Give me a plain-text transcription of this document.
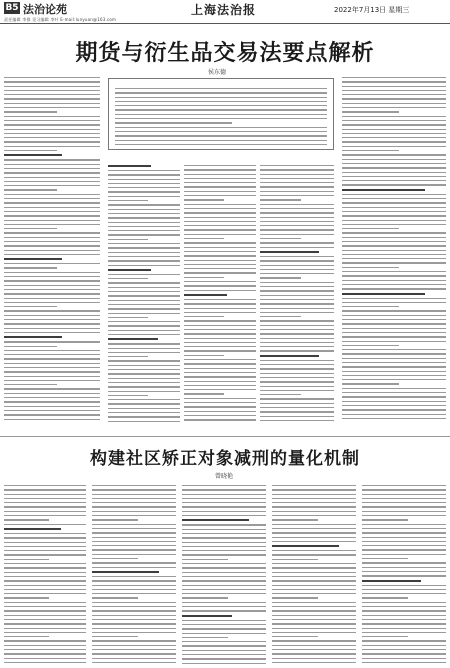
B5 法治论苑	上海法治报	2022年7月13日 星期三
责任编辑 李群 见习编辑 李叶 E-mail:lunyuan@163.com
期货与衍生品交易法要点解析
侯东德
构建社区矫正对象减刑的量化机制
曾晓艳
